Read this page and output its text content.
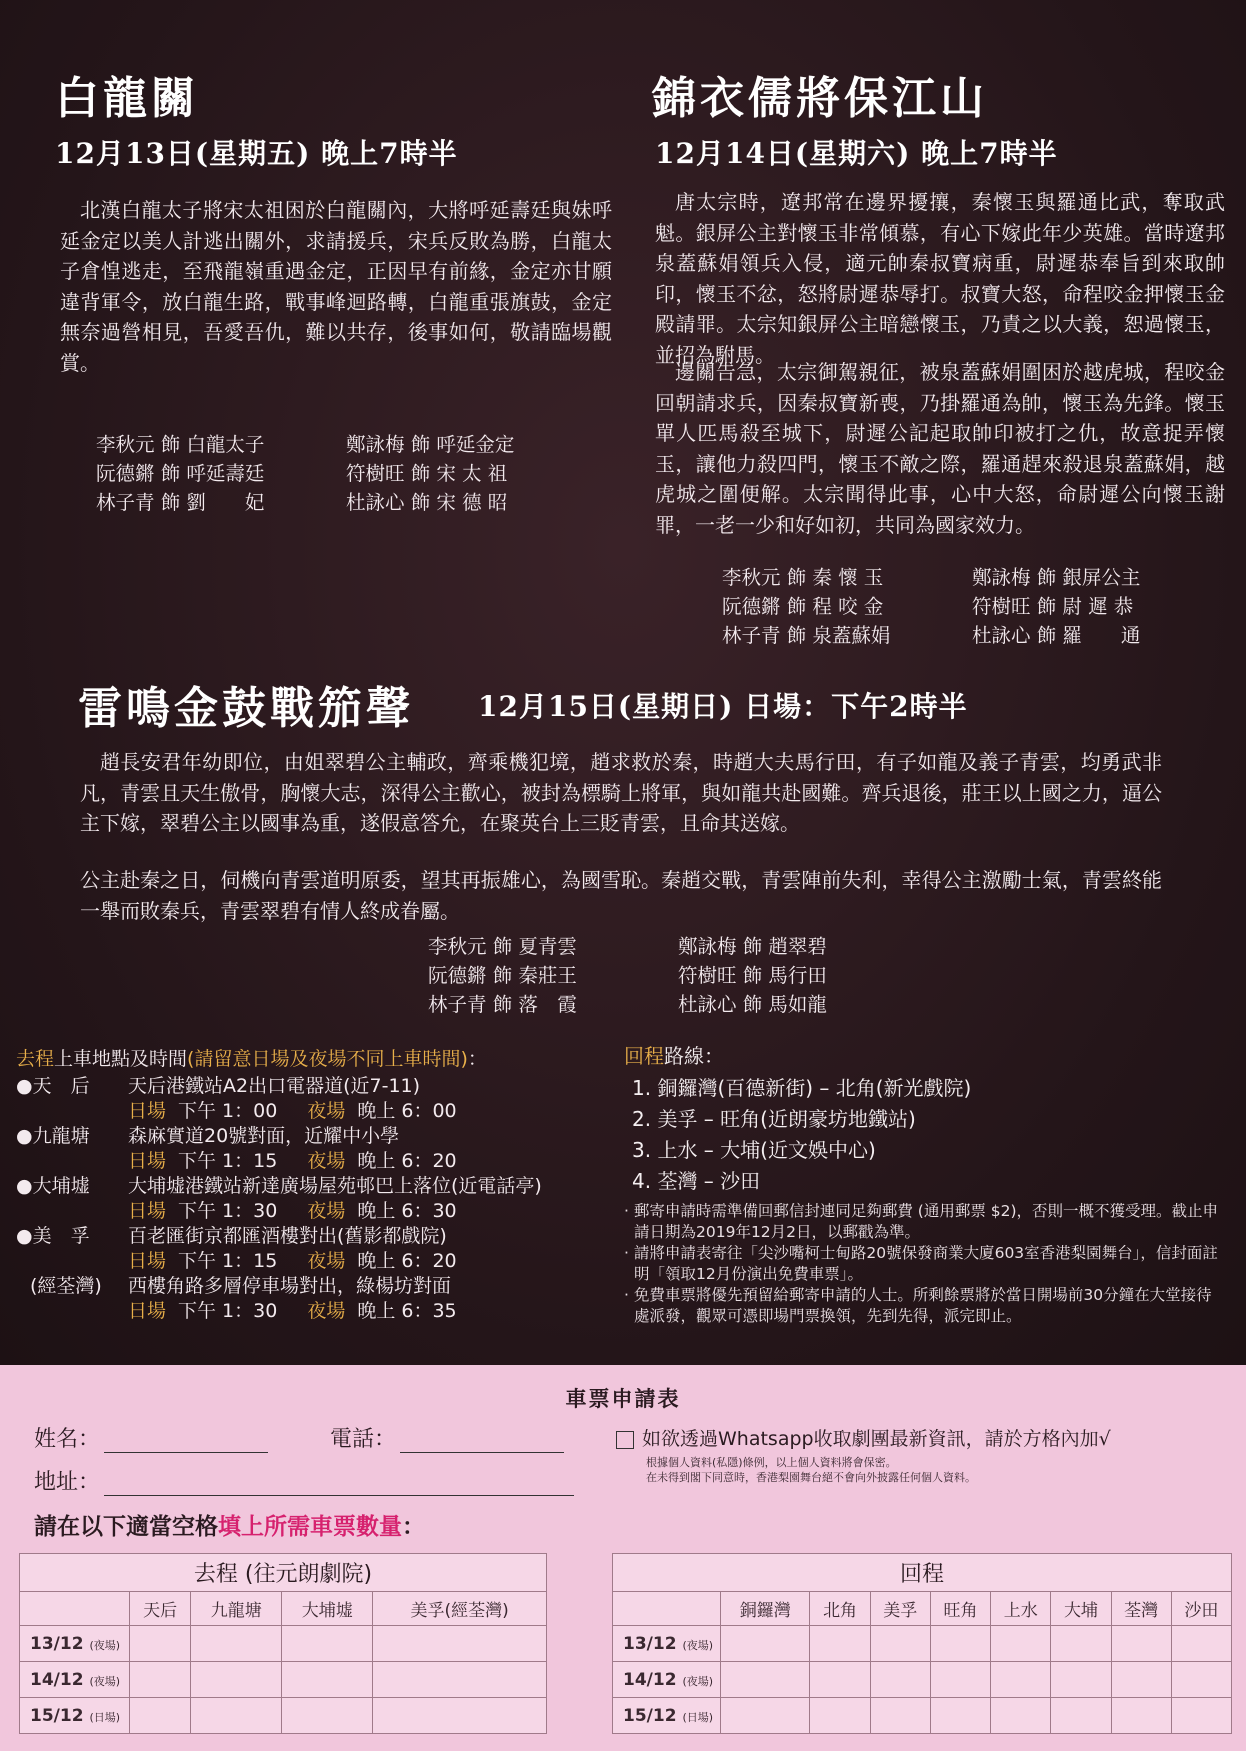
白龍關
12月13日(星期五) 晚上7時半
北漢白龍太子將宋太祖困於白龍關內，大將呼延壽廷與妹呼延金定以美人計逃出關外，求請援兵，宋兵反敗為勝，白龍太子倉惶逃走，至飛龍嶺重遇金定，正因早有前緣，金定亦甘願違背軍令，放白龍生路，戰事峰迴路轉，白龍重張旗鼓，金定無奈過營相見，吾愛吾仇，難以共存，後事如何，敬請臨場觀賞。
李秋元 飾 白龍太子	鄭詠梅 飾 呼延金定
阮德鏘 飾 呼延壽廷	符樹旺 飾 宋 太 祖
林子青 飾 劉　　妃	杜詠心 飾 宋 德 昭
錦衣儒將保江山
12月14日(星期六) 晚上7時半
唐太宗時，遼邦常在邊界擾攘，秦懷玉與羅通比武，奪取武魁。銀屏公主對懷玉非常傾慕，有心下嫁此年少英雄。當時遼邦泉蓋蘇娟領兵入侵，適元帥秦叔寶病重，尉遲恭奉旨到來取帥印，懷玉不忿，怒將尉遲恭辱打。叔寶大怒，命程咬金押懷玉金殿請罪。太宗知銀屏公主暗戀懷玉，乃責之以大義，恕過懷玉，並招為駙馬。
邊關告急，太宗御駕親征，被泉蓋蘇娟圍困於越虎城，程咬金回朝請求兵，因秦叔寶新喪，乃掛羅通為帥，懷玉為先鋒。懷玉單人匹馬殺至城下，尉遲公記起取帥印被打之仇，故意捉弄懷玉，讓他力殺四門，懷玉不敵之際，羅通趕來殺退泉蓋蘇娟，越虎城之圍便解。太宗聞得此事，心中大怒，命尉遲公向懷玉謝罪，一老一少和好如初，共同為國家效力。
李秋元 飾 秦 懷 玉	鄭詠梅 飾 銀屏公主
阮德鏘 飾 程 咬 金	符樹旺 飾 尉 遲 恭
林子青 飾 泉蓋蘇娟	杜詠心 飾 羅　　通
雷鳴金鼓戰笳聲 12月15日(星期日) 日場：下午2時半
趙長安君年幼即位，由姐翠碧公主輔政，齊乘機犯境，趙求救於秦，時趙大夫馬行田，有子如龍及義子青雲，均勇武非凡，青雲且天生傲骨，胸懷大志，深得公主歡心，被封為標騎上將軍，與如龍共赴國難。齊兵退後，莊王以上國之力，逼公主下嫁，翠碧公主以國事為重，遂假意答允，在聚英台上三貶青雲，且命其送嫁。
公主赴秦之日，伺機向青雲道明原委，望其再振雄心，為國雪恥。秦趙交戰，青雲陣前失利，幸得公主激勵士氣，青雲終能一舉而敗秦兵，青雲翠碧有情人終成眷屬。
李秋元 飾 夏青雲	鄭詠梅 飾 趙翠碧
阮德鏘 飾 秦莊王	符樹旺 飾 馬行田
林子青 飾 落　霞	杜詠心 飾 馬如龍
去程上車地點及時間(請留意日場及夜場不同上車時間)：
●天　后	天后港鐵站A2出口電器道(近7-11)
日場 下午 1：00 夜場 晚上 6：00
●九龍塘	森麻實道20號對面，近耀中小學
日場 下午 1：15 夜場 晚上 6：20
●大埔墟	大埔墟港鐵站新達廣場屋苑邨巴上落位(近電話亭)
日場 下午 1：30 夜場 晚上 6：30
●美　孚	百老匯街京都匯酒樓對出(舊影都戲院)
日場 下午 1：15 夜場 晚上 6：20
(經荃灣)	西樓角路多層停車場對出，綠楊坊對面
日場 下午 1：30 夜場 晚上 6：35
回程路線：
1. 銅鑼灣(百德新街) – 北角(新光戲院)
2. 美孚 – 旺角(近朗豪坊地鐵站)
3. 上水 – 大埔(近文娛中心)
4. 荃灣 – 沙田
· 郵寄申請時需準備回郵信封連同足夠郵費 (通用郵票 $2)，否則一概不獲受理。截止申請日期為2019年12月2日，以郵戳為準。
· 請將申請表寄往「尖沙嘴柯士甸路20號保發商業大廈603室香港梨園舞台」，信封面註明「領取12月份演出免費車票」。
· 免費車票將優先預留給郵寄申請的人士。所剩餘票將於當日開場前30分鐘在大堂接待處派發，觀眾可憑即場門票換領，先到先得，派完即止。
車票申請表
姓名：	電話：
地址：
如欲透過Whatsapp收取劇團最新資訊，請於方格內加√
根據個人資料(私隱)條例，以上個人資料將會保密。
在未得到閣下同意時，香港梨園舞台絕不會向外披露任何個人資料。
請在以下適當空格填上所需車票數量：
去程 (往元朗劇院)				
	天后	九龍塘	大埔墟	美孚(經荃灣)
13/12 (夜場)				
14/12 (夜場)				
15/12 (日場)				
回程								
	銅鑼灣	北角	美孚	旺角	上水	大埔	荃灣	沙田
13/12 (夜場)								
14/12 (夜場)								
15/12 (日場)								
